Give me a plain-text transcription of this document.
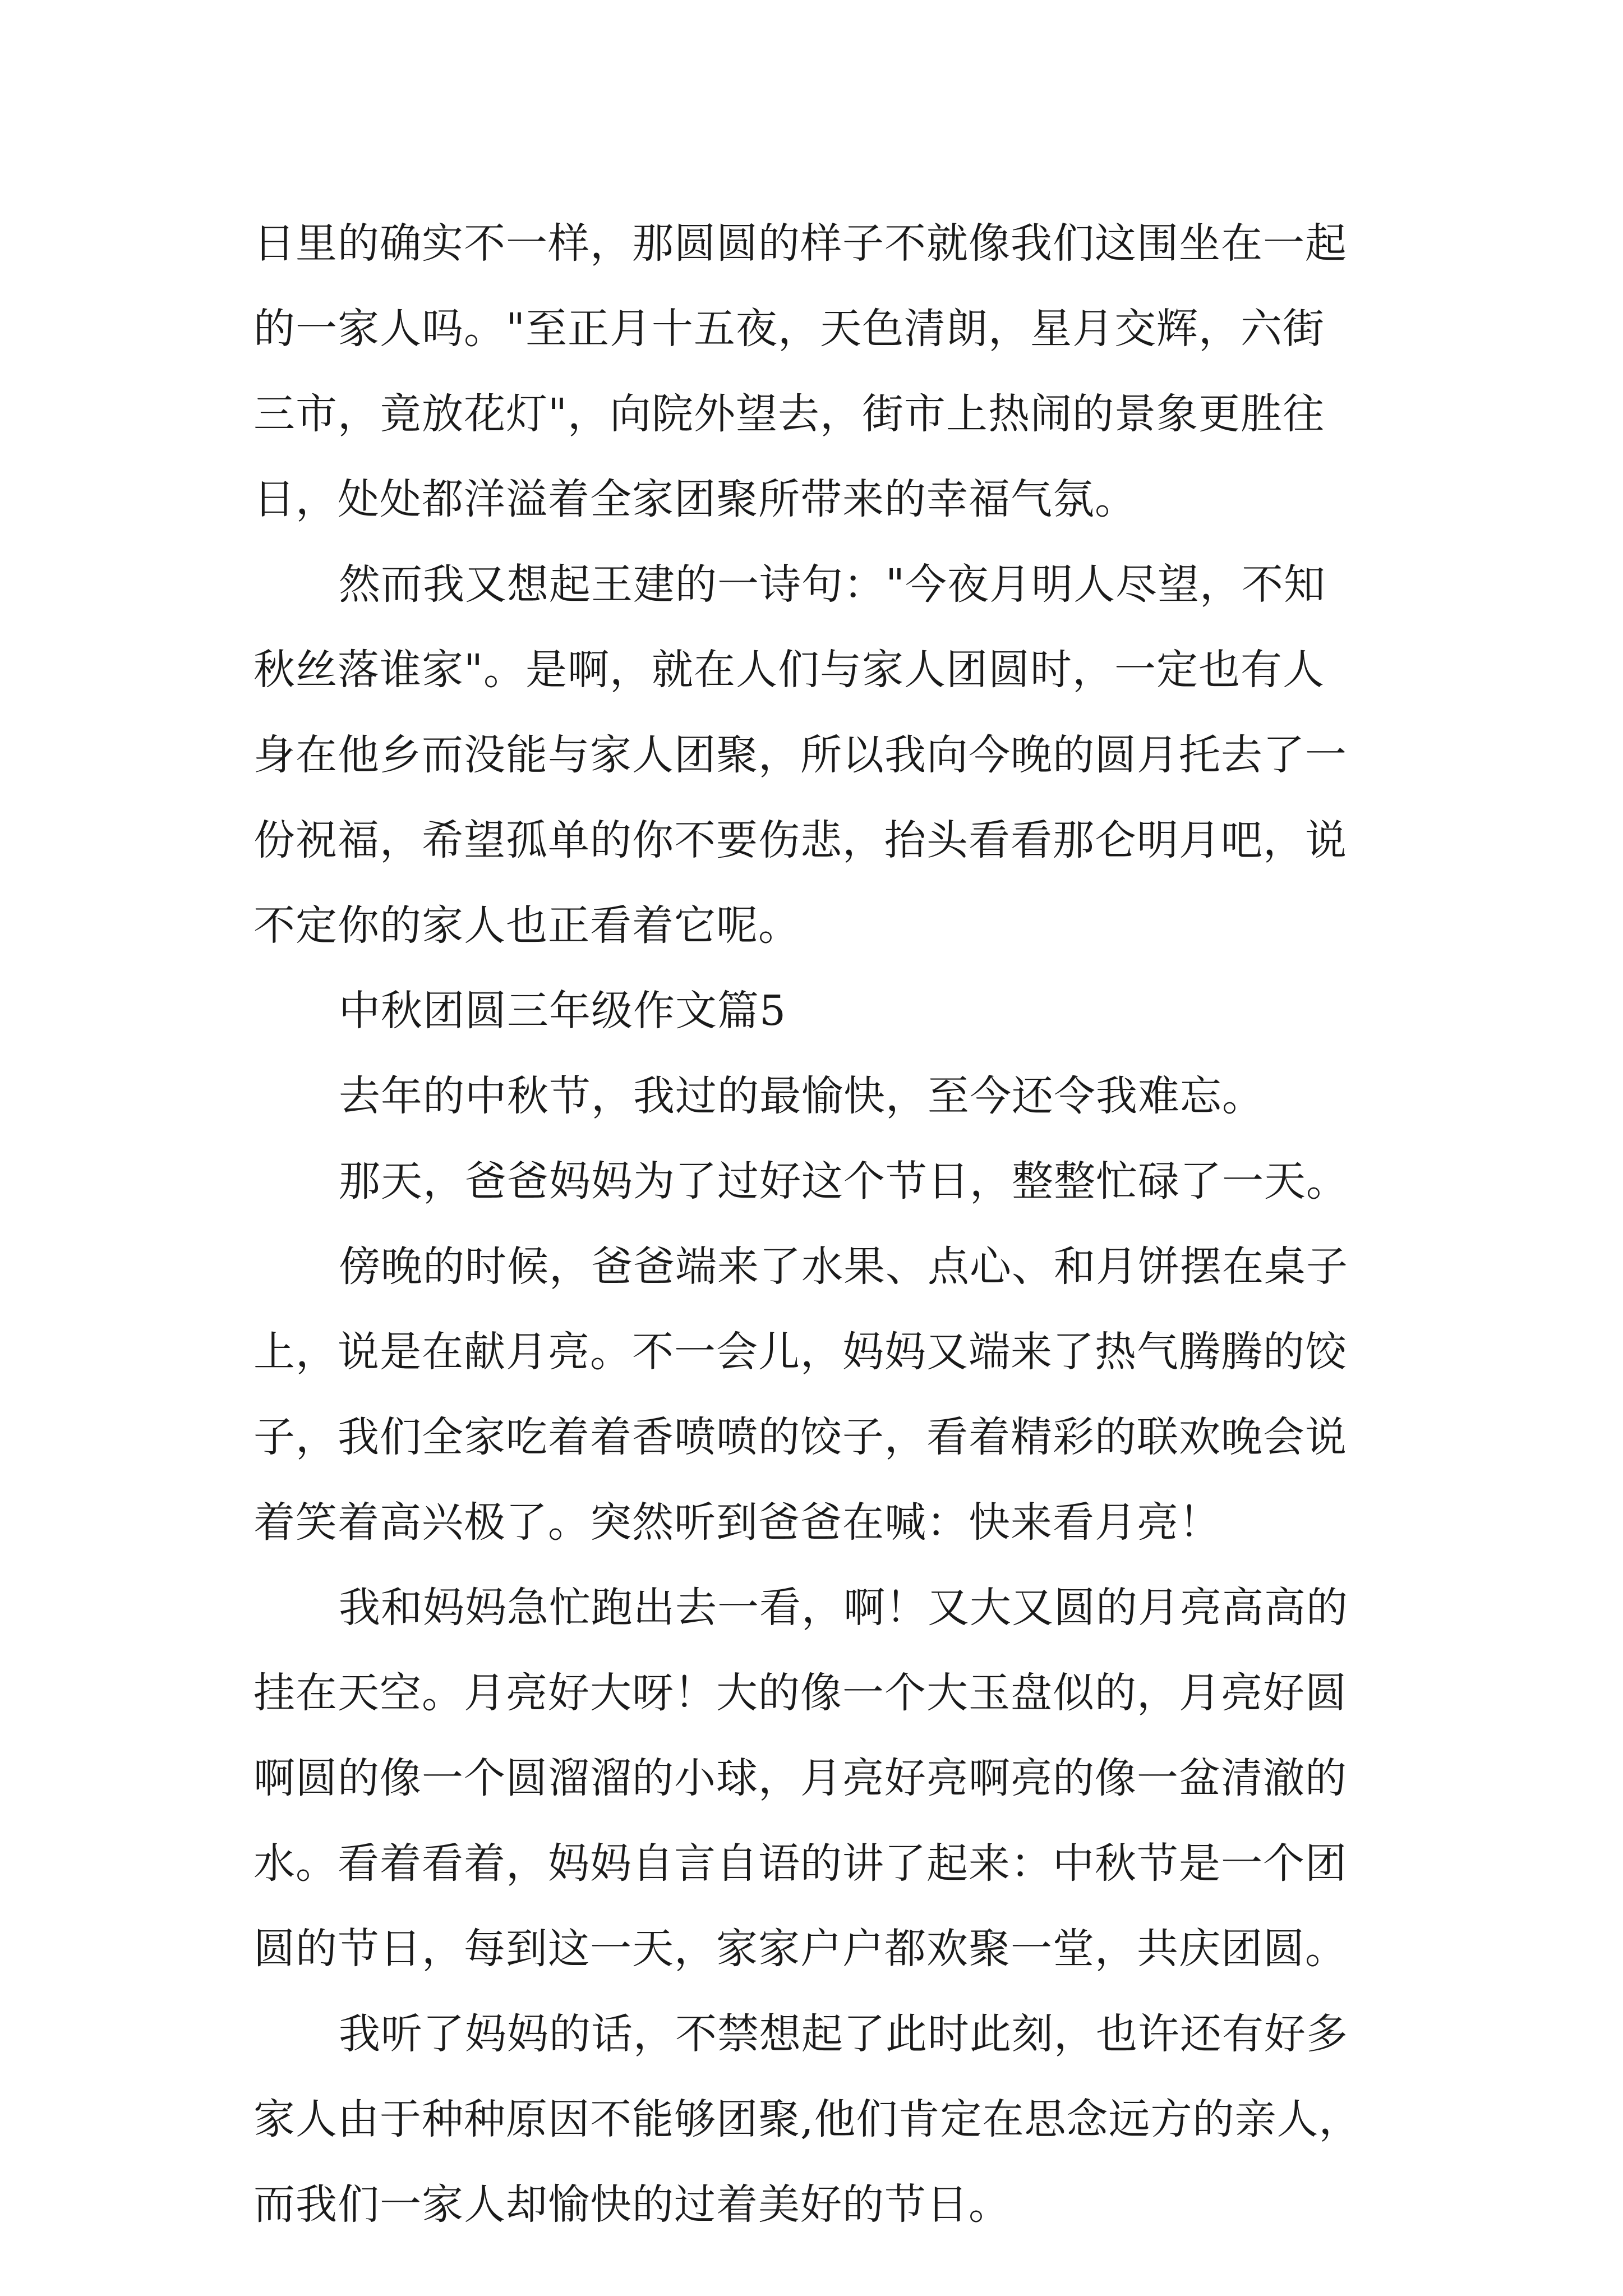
日里的确实不一样，那圆圆的样子不就像我们这围坐在一起
的一家人吗。"至正月十五夜，天色清朗，星月交辉，六街
三市，竟放花灯"，向院外望去，街市上热闹的景象更胜往
日，处处都洋溢着全家团聚所带来的幸福气氛。
然而我又想起王建的一诗句："今夜月明人尽望，不知
秋丝落谁家"。是啊，就在人们与家人团圆时，一定也有人
身在他乡而没能与家人团聚，所以我向今晚的圆月托去了一
份祝福，希望孤单的你不要伤悲，抬头看看那仑明月吧，说
不定你的家人也正看着它呢。
中秋团圆三年级作文篇5
去年的中秋节，我过的最愉快，至今还令我难忘。
那天，爸爸妈妈为了过好这个节日，整整忙碌了一天。
傍晚的时候，爸爸端来了水果、点心、和月饼摆在桌子
上，说是在献月亮。不一会儿，妈妈又端来了热气腾腾的饺
子，我们全家吃着着香喷喷的饺子，看着精彩的联欢晚会说
着笑着高兴极了。突然听到爸爸在喊：快来看月亮！
我和妈妈急忙跑出去一看，啊！又大又圆的月亮高高的
挂在天空。月亮好大呀！大的像一个大玉盘似的，月亮好圆
啊圆的像一个圆溜溜的小球，月亮好亮啊亮的像一盆清澈的
水。看着看着，妈妈自言自语的讲了起来：中秋节是一个团
圆的节日，每到这一天，家家户户都欢聚一堂，共庆团圆。
我听了妈妈的话，不禁想起了此时此刻，也许还有好多
家人由于种种原因不能够团聚,他们肯定在思念远方的亲人，
而我们一家人却愉快的过着美好的节日。
